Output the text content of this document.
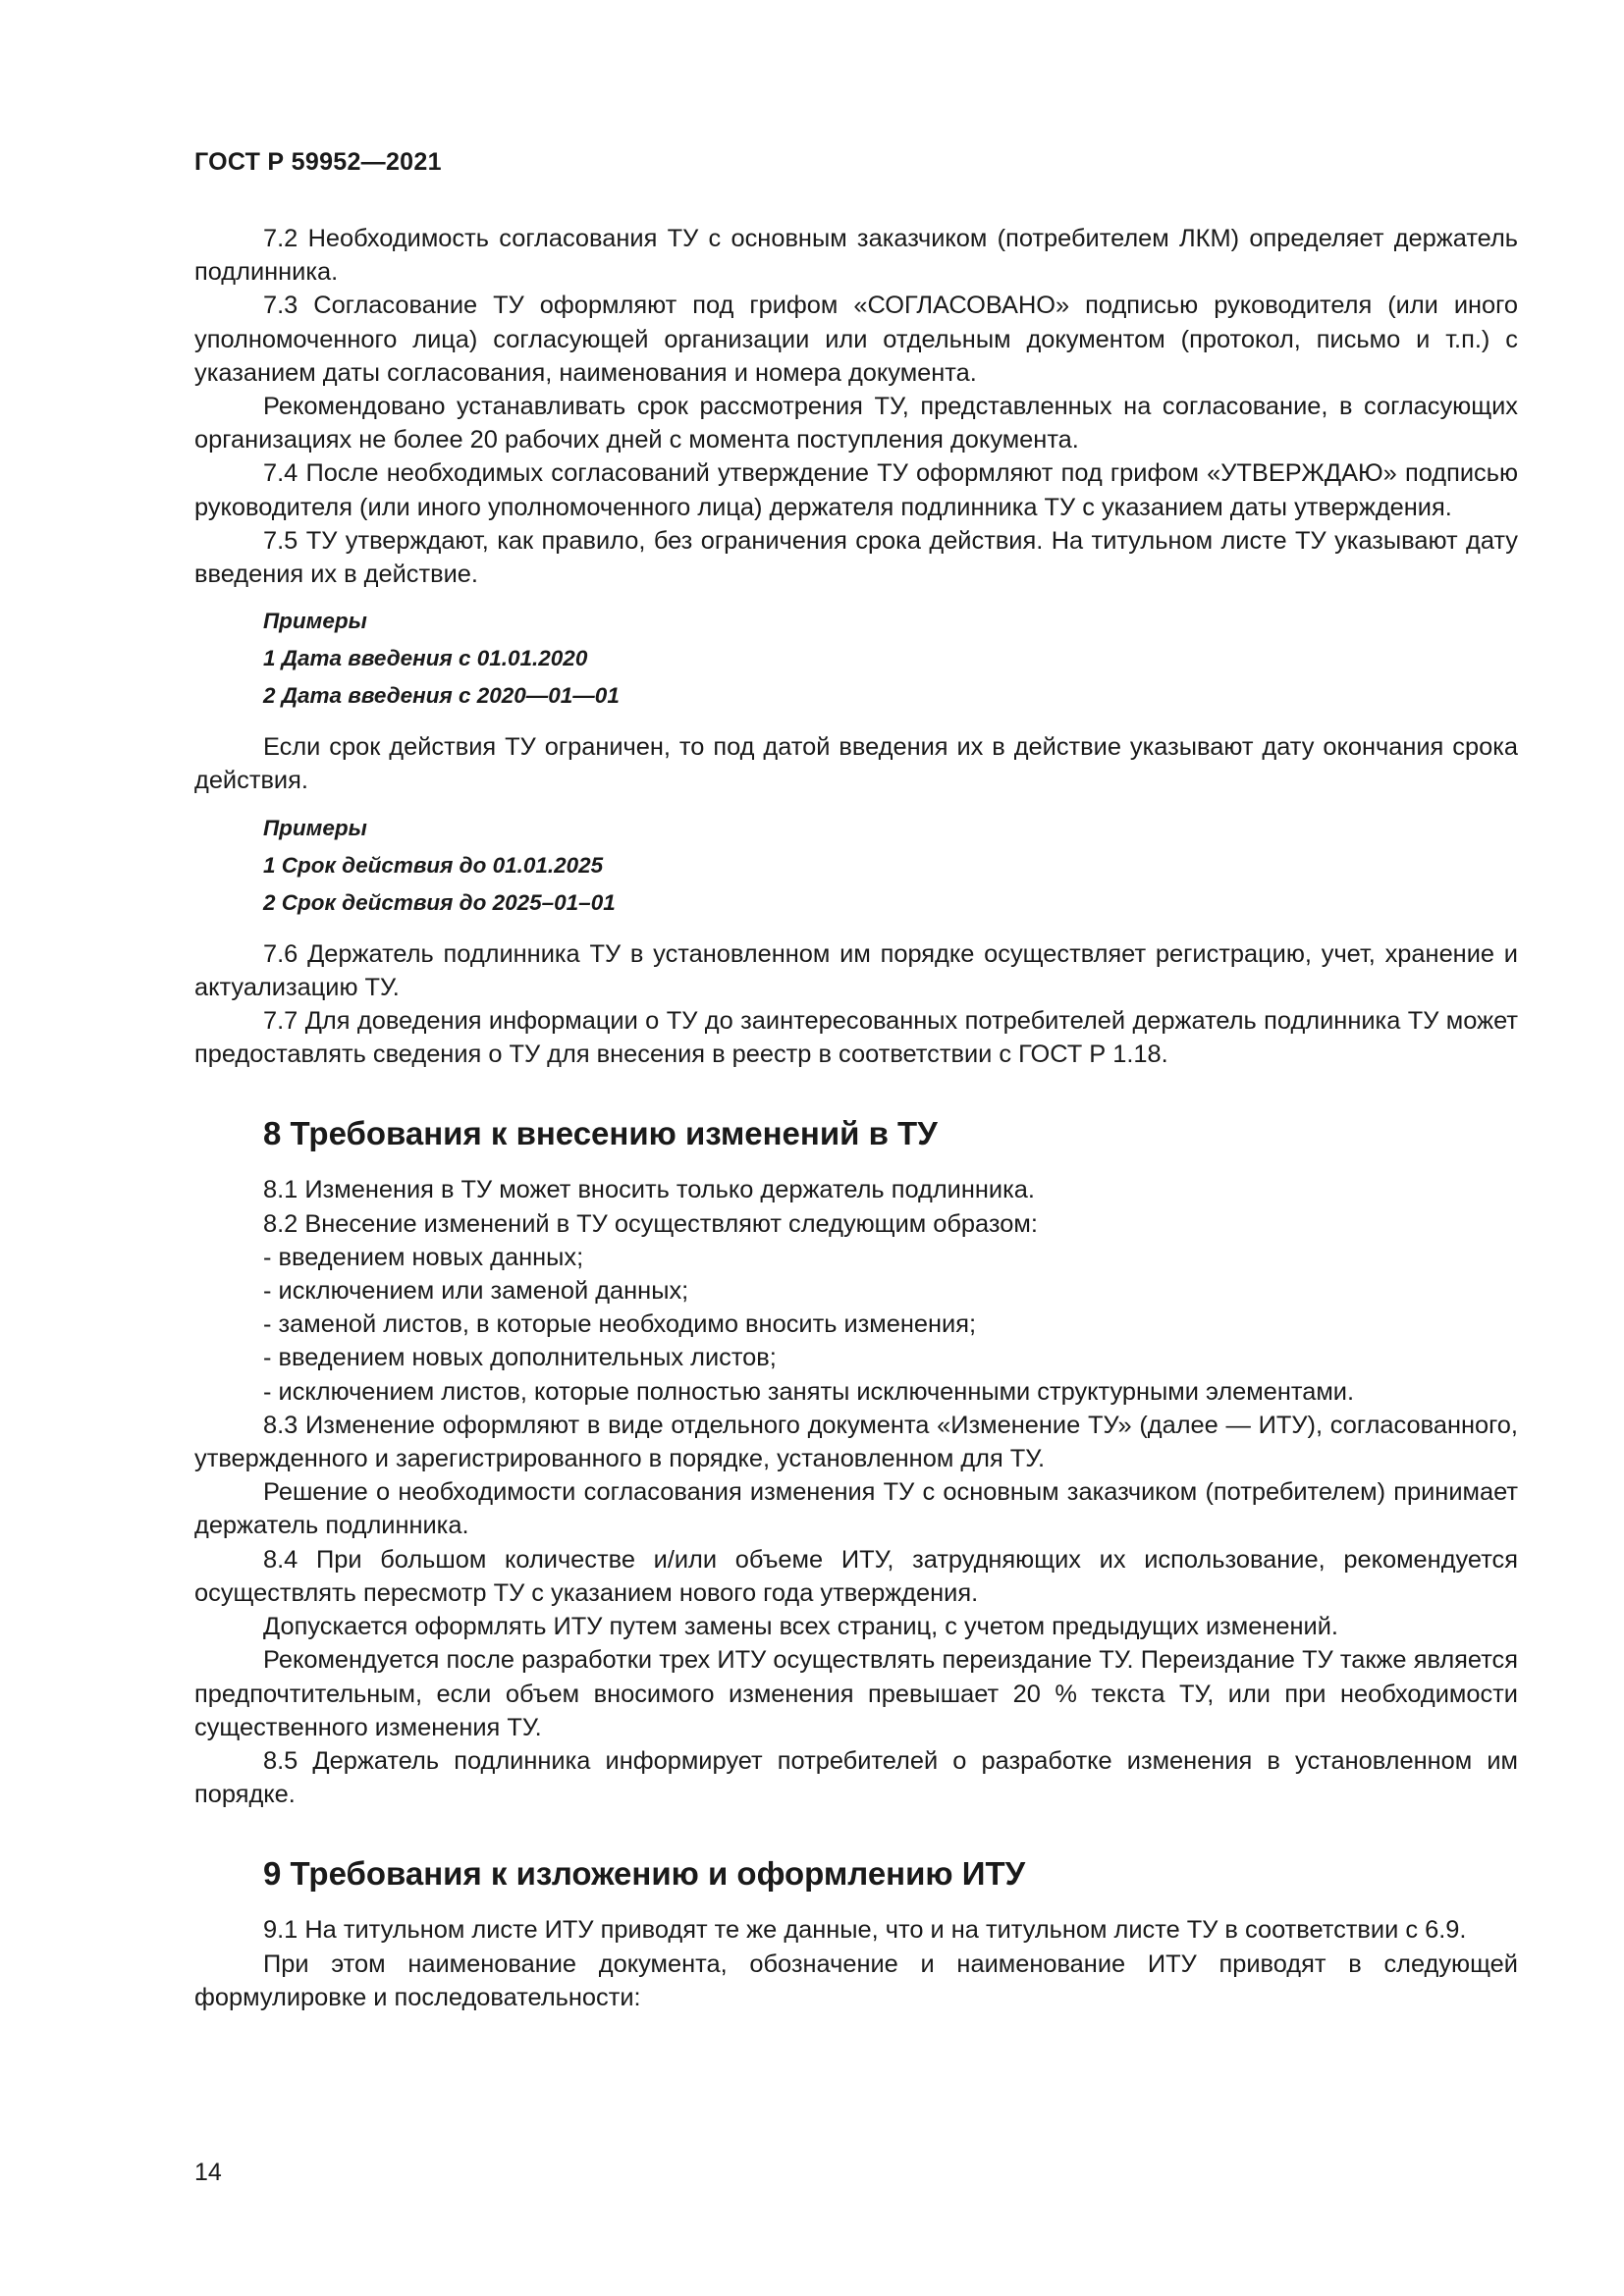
ГОСТ Р 59952—2021

7.2 Необходимость согласования ТУ с основным заказчиком (потребителем ЛКМ) определяет держатель подлинника.

7.3 Согласование ТУ оформляют под грифом «СОГЛАСОВАНО» подписью руководителя (или иного уполномоченного лица) согласующей организации или отдельным документом (протокол, письмо и т.п.) с указанием даты согласования, наименования и номера документа.

Рекомендовано устанавливать срок рассмотрения ТУ, представленных на согласование, в согласующих организациях не более 20 рабочих дней с момента поступления документа.

7.4 После необходимых согласований утверждение ТУ оформляют под грифом «УТВЕРЖДАЮ» подписью руководителя (или иного уполномоченного лица) держателя подлинника ТУ с указанием даты утверждения.

7.5 ТУ утверждают, как правило, без ограничения срока действия. На титульном листе ТУ указывают дату введения их в действие.

Примеры
1 Дата введения с 01.01.2020
2 Дата введения с 2020—01—01

Если срок действия ТУ ограничен, то под датой введения их в действие указывают дату окончания срока действия.

Примеры
1 Срок действия до 01.01.2025
2 Срок действия до 2025–01–01

7.6 Держатель подлинника ТУ в установленном им порядке осуществляет регистрацию, учет, хранение и актуализацию ТУ.

7.7 Для доведения информации о ТУ до заинтересованных потребителей держатель подлинника ТУ может предоставлять сведения о ТУ для внесения в реестр в соответствии с ГОСТ Р 1.18.

8 Требования к внесению изменений в ТУ

8.1 Изменения в ТУ может вносить только держатель подлинника.

8.2 Внесение изменений в ТУ осуществляют следующим образом:

- введением новых данных;

- исключением или заменой данных;

- заменой листов, в которые необходимо вносить изменения;

- введением новых дополнительных листов;

- исключением листов, которые полностью заняты исключенными структурными элементами.

8.3 Изменение оформляют в виде отдельного документа «Изменение ТУ» (далее — ИТУ), согласованного, утвержденного и зарегистрированного в порядке, установленном для ТУ.

Решение о необходимости согласования изменения ТУ с основным заказчиком (потребителем) принимает держатель подлинника.

8.4 При большом количестве и/или объеме ИТУ, затрудняющих их использование, рекомендуется осуществлять пересмотр ТУ с указанием нового года утверждения.

Допускается оформлять ИТУ путем замены всех страниц, с учетом предыдущих изменений.

Рекомендуется после разработки трех ИТУ осуществлять переиздание ТУ. Переиздание ТУ также является предпочтительным, если объем вносимого изменения превышает 20 % текста ТУ, или при необходимости существенного изменения ТУ.

8.5 Держатель подлинника информирует потребителей о разработке изменения в установленном им порядке.

9 Требования к изложению и оформлению ИТУ

9.1 На титульном листе ИТУ приводят те же данные, что и на титульном листе ТУ в соответствии с 6.9.

При этом наименование документа, обозначение и наименование ИТУ приводят в следующей формулировке и последовательности:

14
